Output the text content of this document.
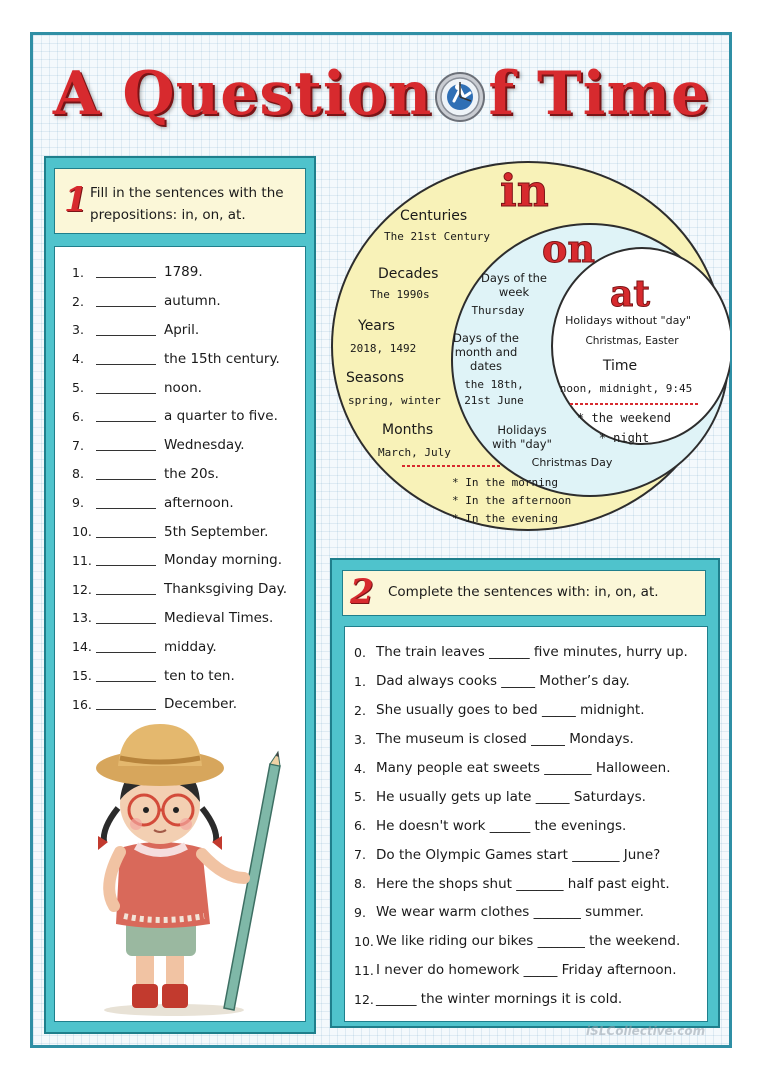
A Question f Time
1 Fill in the sentences with the prepositions: in, on, at.
1.	1789.
2.	autumn.
3.	April.
4.	the 15th century.
5.	noon.
6.	a quarter to five.
7.	Wednesday.
8.	the 20s.
9.	afternoon.
10.	5th September.
11.	Monday morning.
12.	Thanksgiving Day.
13.	Medieval Times.
14.	midday.
15.	ten to ten.
16.	December.
in
on
at
Centuries
The 21st Century
Decades
The 1990s
Years
2018, 1492
Seasons
spring, winter
Months
March, July
* In the morning
* In the afternoon
* In the evening
Days of the
week
Thursday
Days of the
month and
dates
the 18th,
21st June
Holidays
with "day"
Christmas Day
Holidays without "day"
Christmas, Easter
Time
noon, midnight, 9:45
* the weekend
* night
2 Complete the sentences with: in, on, at.
0. The train leaves ______ five minutes, hurry up.
1. Dad always cooks _____ Mother’s day.
2. She usually goes to bed _____ midnight.
3. The museum is closed _____ Mondays.
4. Many people eat sweets _______ Halloween.
5. He usually gets up late _____ Saturdays.
6. He doesn't work ______ the evenings.
7. Do the Olympic Games start _______ June?
8. Here the shops shut _______ half past eight.
9. We wear warm clothes _______ summer.
10. We like riding our bikes _______ the weekend.
11. I never do homework _____ Friday afternoon.
12. ______ the winter mornings it is cold.
iSLCollective.com
